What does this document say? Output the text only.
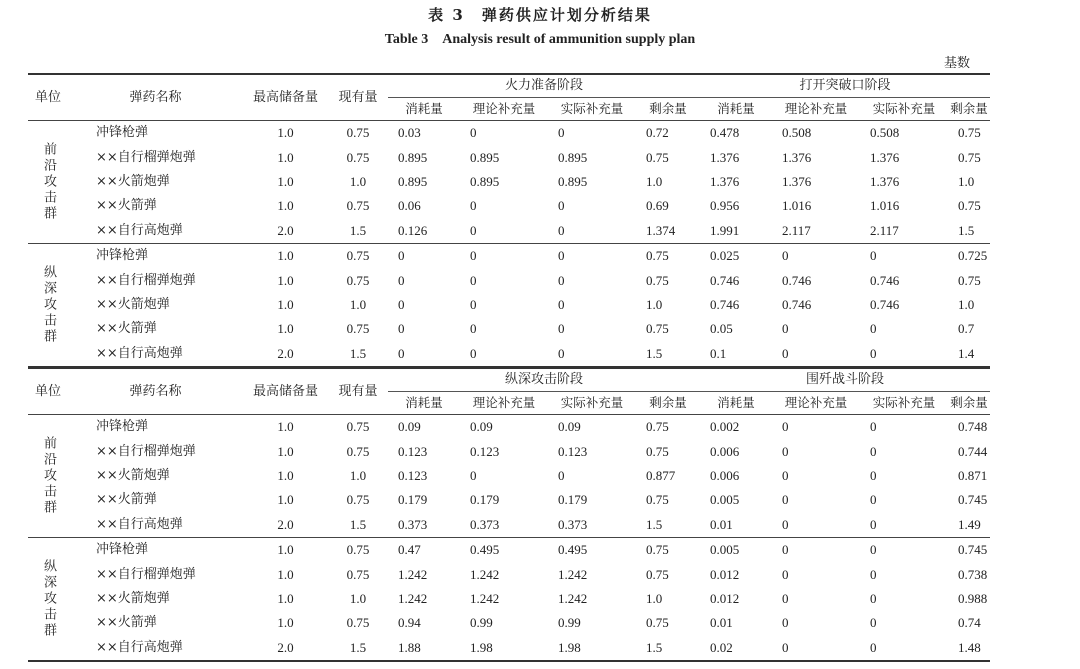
表 3　弹药供应计划分析结果
Table 3　Analysis result of ammunition supply plan
基数
单位	弹药名称	最高储备量	现有量	火力准备阶段				打开突破口阶段			
				消耗量	理论补充量	实际补充量	剩余量	消耗量	理论补充量	实际补充量	剩余量
前沿攻击群	冲锋枪弹	1.0	0.75	0.03	0	0	0.72	0.478	0.508	0.508	0.75
	××自行榴弹炮弹	1.0	0.75	0.895	0.895	0.895	0.75	1.376	1.376	1.376	0.75
	××火箭炮弹	1.0	1.0	0.895	0.895	0.895	1.0	1.376	1.376	1.376	1.0
	××火箭弹	1.0	0.75	0.06	0	0	0.69	0.956	1.016	1.016	0.75
	××自行高炮弹	2.0	1.5	0.126	0	0	1.374	1.991	2.117	2.117	1.5
纵深攻击群	冲锋枪弹	1.0	0.75	0	0	0	0.75	0.025	0	0	0.725
	××自行榴弹炮弹	1.0	0.75	0	0	0	0.75	0.746	0.746	0.746	0.75
	××火箭炮弹	1.0	1.0	0	0	0	1.0	0.746	0.746	0.746	1.0
	××火箭弹	1.0	0.75	0	0	0	0.75	0.05	0	0	0.7
	××自行高炮弹	2.0	1.5	0	0	0	1.5	0.1	0	0	1.4
单位	弹药名称	最高储备量	现有量	纵深攻击阶段				围歼战斗阶段			
				消耗量	理论补充量	实际补充量	剩余量	消耗量	理论补充量	实际补充量	剩余量
前沿攻击群	冲锋枪弹	1.0	0.75	0.09	0.09	0.09	0.75	0.002	0	0	0.748
	××自行榴弹炮弹	1.0	0.75	0.123	0.123	0.123	0.75	0.006	0	0	0.744
	××火箭炮弹	1.0	1.0	0.123	0	0	0.877	0.006	0	0	0.871
	××火箭弹	1.0	0.75	0.179	0.179	0.179	0.75	0.005	0	0	0.745
	××自行高炮弹	2.0	1.5	0.373	0.373	0.373	1.5	0.01	0	0	1.49
纵深攻击群	冲锋枪弹	1.0	0.75	0.47	0.495	0.495	0.75	0.005	0	0	0.745
	××自行榴弹炮弹	1.0	0.75	1.242	1.242	1.242	0.75	0.012	0	0	0.738
	××火箭炮弹	1.0	1.0	1.242	1.242	1.242	1.0	0.012	0	0	0.988
	××火箭弹	1.0	0.75	0.94	0.99	0.99	0.75	0.01	0	0	0.74
	××自行高炮弹	2.0	1.5	1.88	1.98	1.98	1.5	0.02	0	0	1.48
